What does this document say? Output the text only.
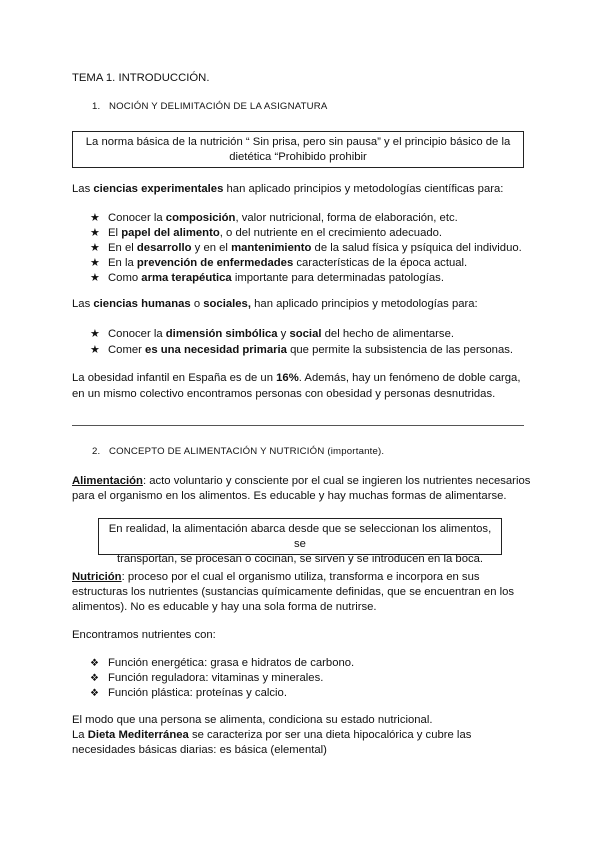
TEMA 1. INTRODUCCIÓN.
1. NOCIÓN Y DELIMITACIÓN DE LA ASIGNATURA
La norma básica de la nutrición “ Sin prisa, pero sin pausa” y el principio básico de la
dietética “Prohibido prohibir
Las ciencias experimentales han aplicado principios y metodologías científicas para:
★ Conocer la composición, valor nutricional, forma de elaboración, etc.
★ El papel del alimento, o del nutriente en el crecimiento adecuado.
★ En el desarrollo y en el mantenimiento de la salud física y psíquica del individuo.
★ En la prevención de enfermedades características de la época actual.
★ Como arma terapéutica importante para determinadas patologías.
Las ciencias humanas o sociales, han aplicado principios y metodologías para:
★ Conocer la dimensión simbólica y social del hecho de alimentarse.
★ Comer es una necesidad primaria que permite la subsistencia de las personas.
La obesidad infantil en España es de un 16%. Además, hay un fenómeno de doble carga,
en un mismo colectivo encontramos personas con obesidad y personas desnutridas.
2. CONCEPTO DE ALIMENTACIÓN Y NUTRICIÓN (importante).
Alimentación: acto voluntario y consciente por el cual se ingieren los nutrientes necesarios
para el organismo en los alimentos. Es educable y hay muchas formas de alimentarse.
En realidad, la alimentación abarca desde que se seleccionan los alimentos, se
transportan, se procesan o cocinan, se sirven y se introducen en la boca.
Nutrición: proceso por el cual el organismo utiliza, transforma e incorpora en sus
estructuras los nutrientes (sustancias químicamente definidas, que se encuentran en los
alimentos). No es educable y hay una sola forma de nutrirse.
Encontramos nutrientes con:
❖ Función energética: grasa e hidratos de carbono.
❖ Función reguladora: vitaminas y minerales.
❖ Función plástica: proteínas y calcio.
El modo que una persona se alimenta, condiciona su estado nutricional.
La Dieta Mediterránea se caracteriza por ser una dieta hipocalórica y cubre las
necesidades básicas diarias: es básica (elemental)
